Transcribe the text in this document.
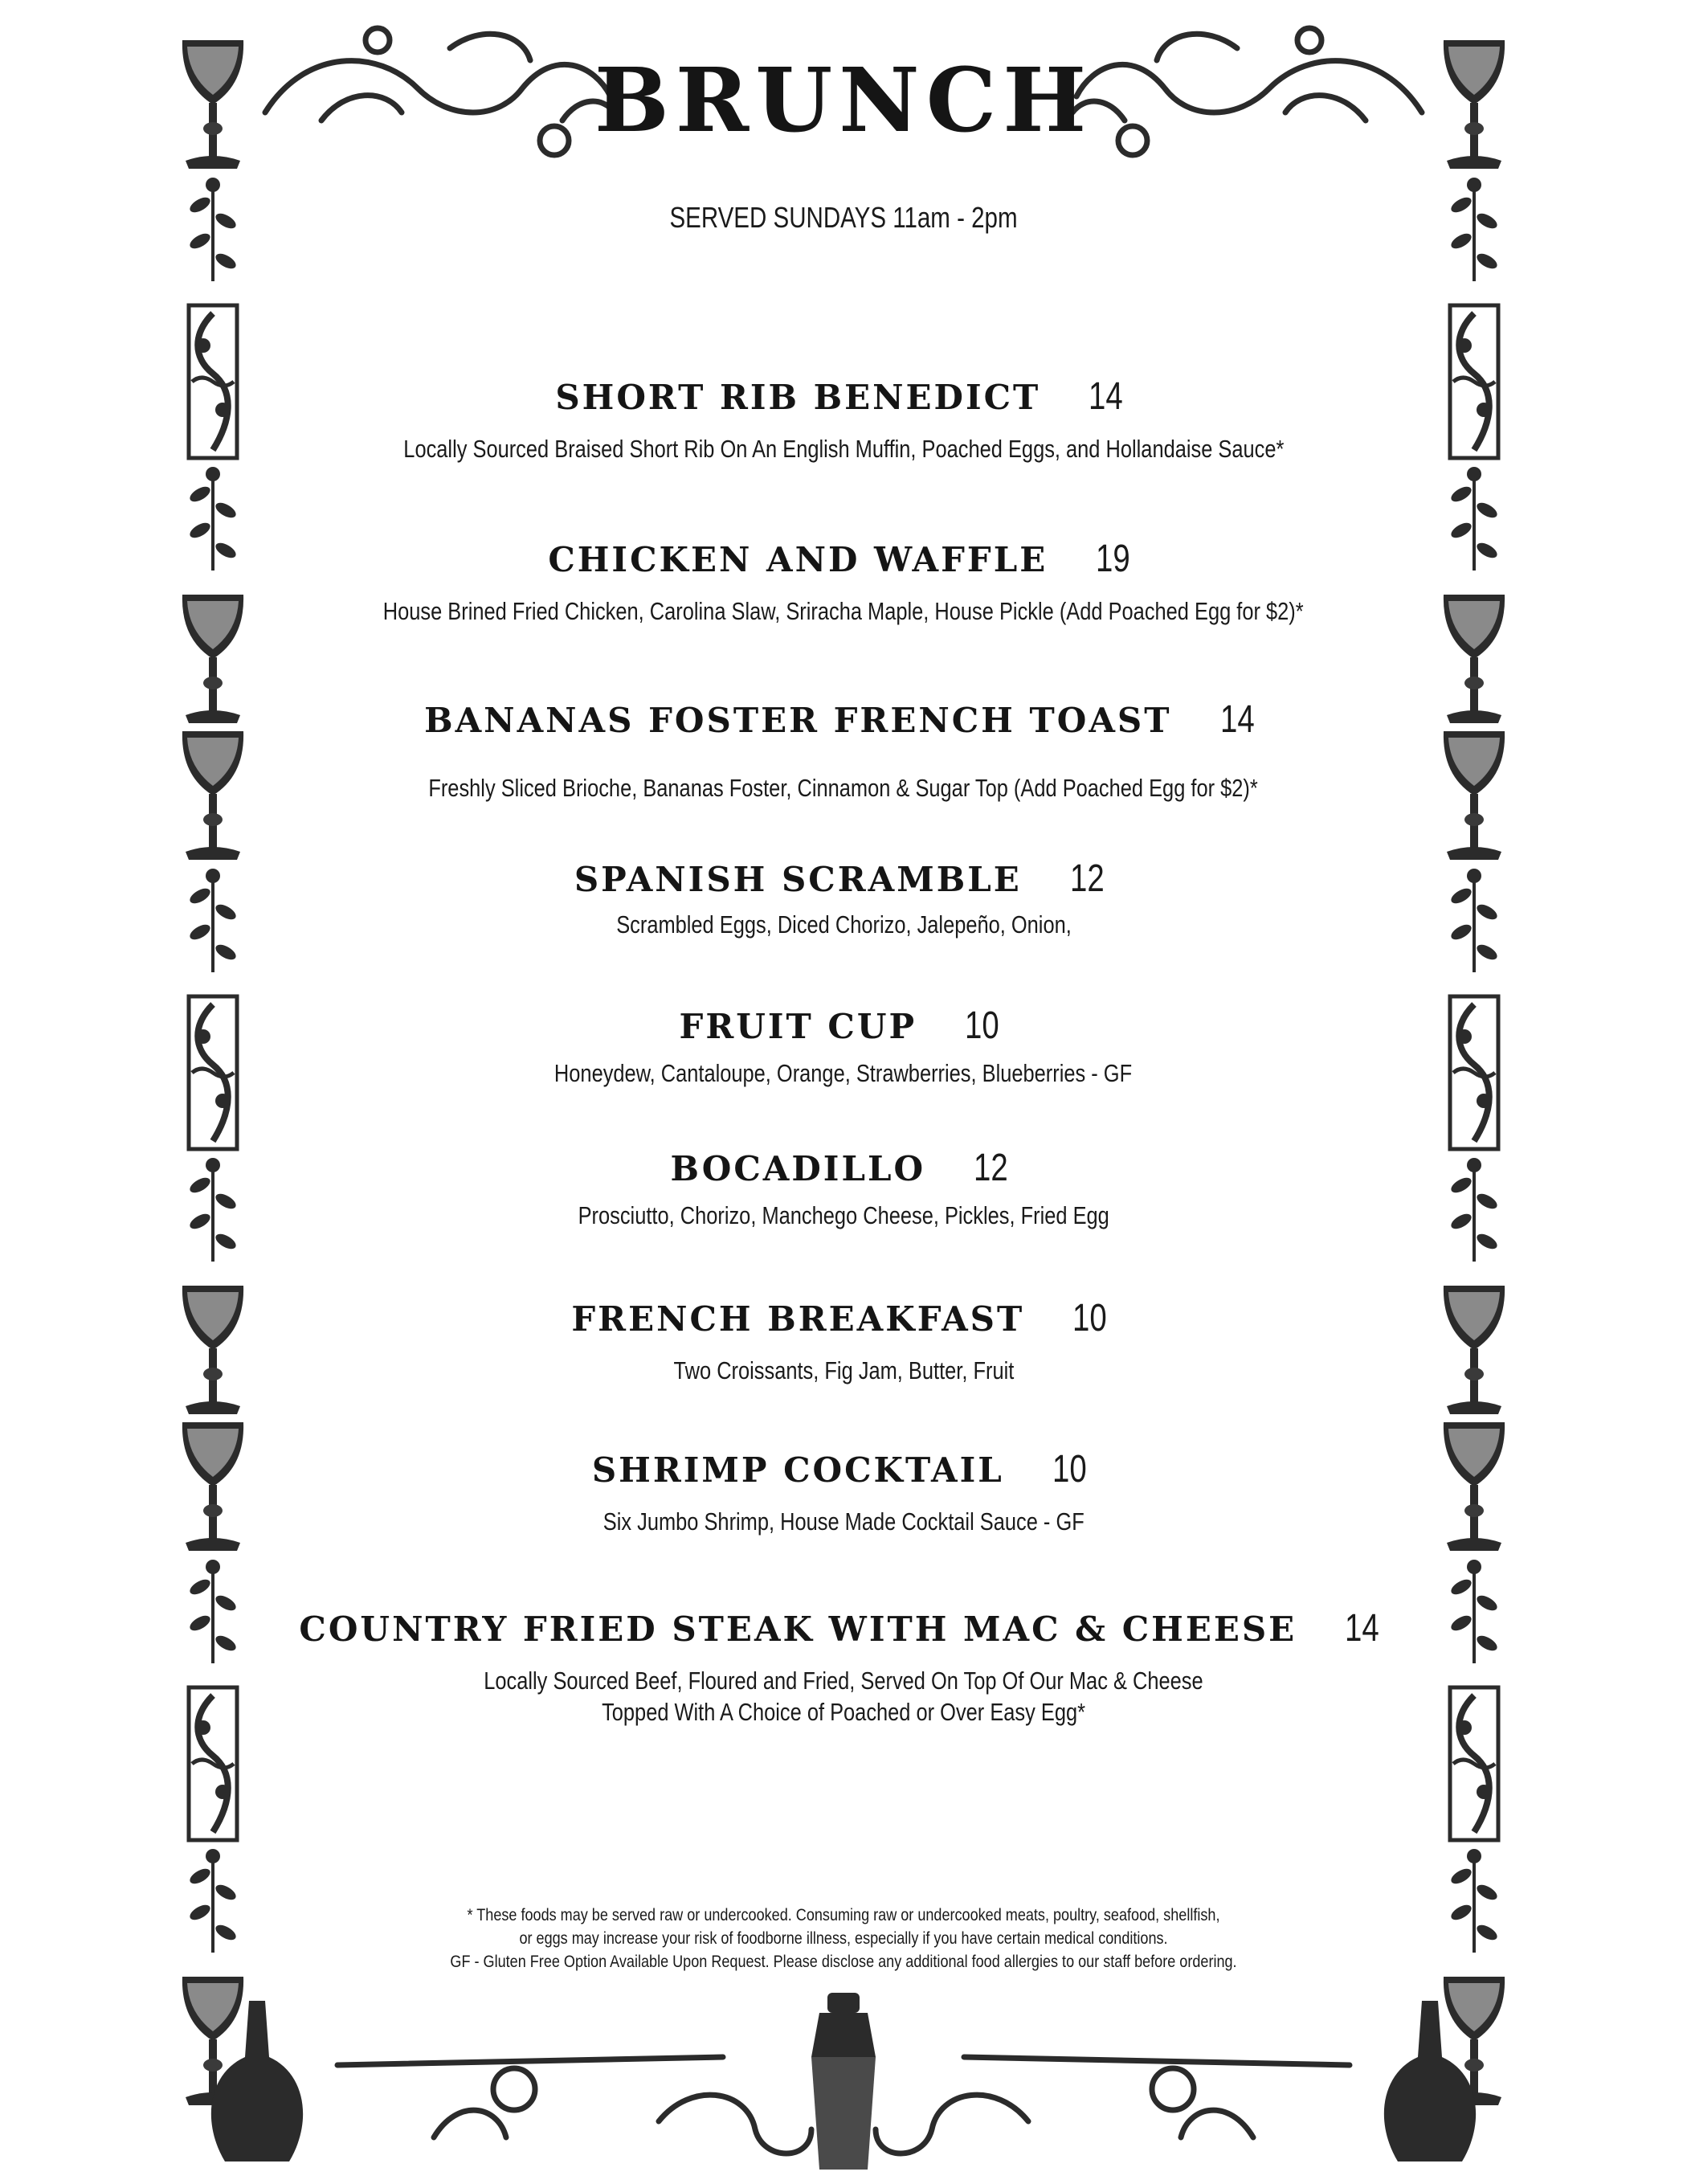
BRUNCH
SERVED SUNDAYS 11am - 2pm
SHORT RIB BENEDICT 14
Locally Sourced Braised Short Rib On An English Muffin, Poached Eggs, and Hollandaise Sauce*
CHICKEN AND WAFFLE 19
House Brined Fried Chicken, Carolina Slaw, Sriracha Maple, House Pickle (Add Poached Egg for $2)*
BANANAS FOSTER FRENCH TOAST 14
Freshly Sliced Brioche, Bananas Foster, Cinnamon & Sugar Top (Add Poached Egg for $2)*
SPANISH SCRAMBLE 12
Scrambled Eggs, Diced Chorizo, Jalepeño, Onion,
FRUIT CUP 10
Honeydew, Cantaloupe, Orange, Strawberries, Blueberries - GF
BOCADILLO 12
Prosciutto, Chorizo, Manchego Cheese, Pickles, Fried Egg
FRENCH BREAKFAST 10
Two Croissants, Fig Jam, Butter, Fruit
SHRIMP COCKTAIL 10
Six Jumbo Shrimp, House Made Cocktail Sauce - GF
COUNTRY FRIED STEAK WITH MAC & CHEESE 14
Locally Sourced Beef, Floured and Fried, Served On Top Of Our Mac & Cheese
Topped With A Choice of Poached or Over Easy Egg*
* These foods may be served raw or undercooked. Consuming raw or undercooked meats, poultry, seafood, shellfish,
or eggs may increase your risk of foodborne illness, especially if you have certain medical conditions.
GF - Gluten Free Option Available Upon Request. Please disclose any additional food allergies to our staff before ordering.
